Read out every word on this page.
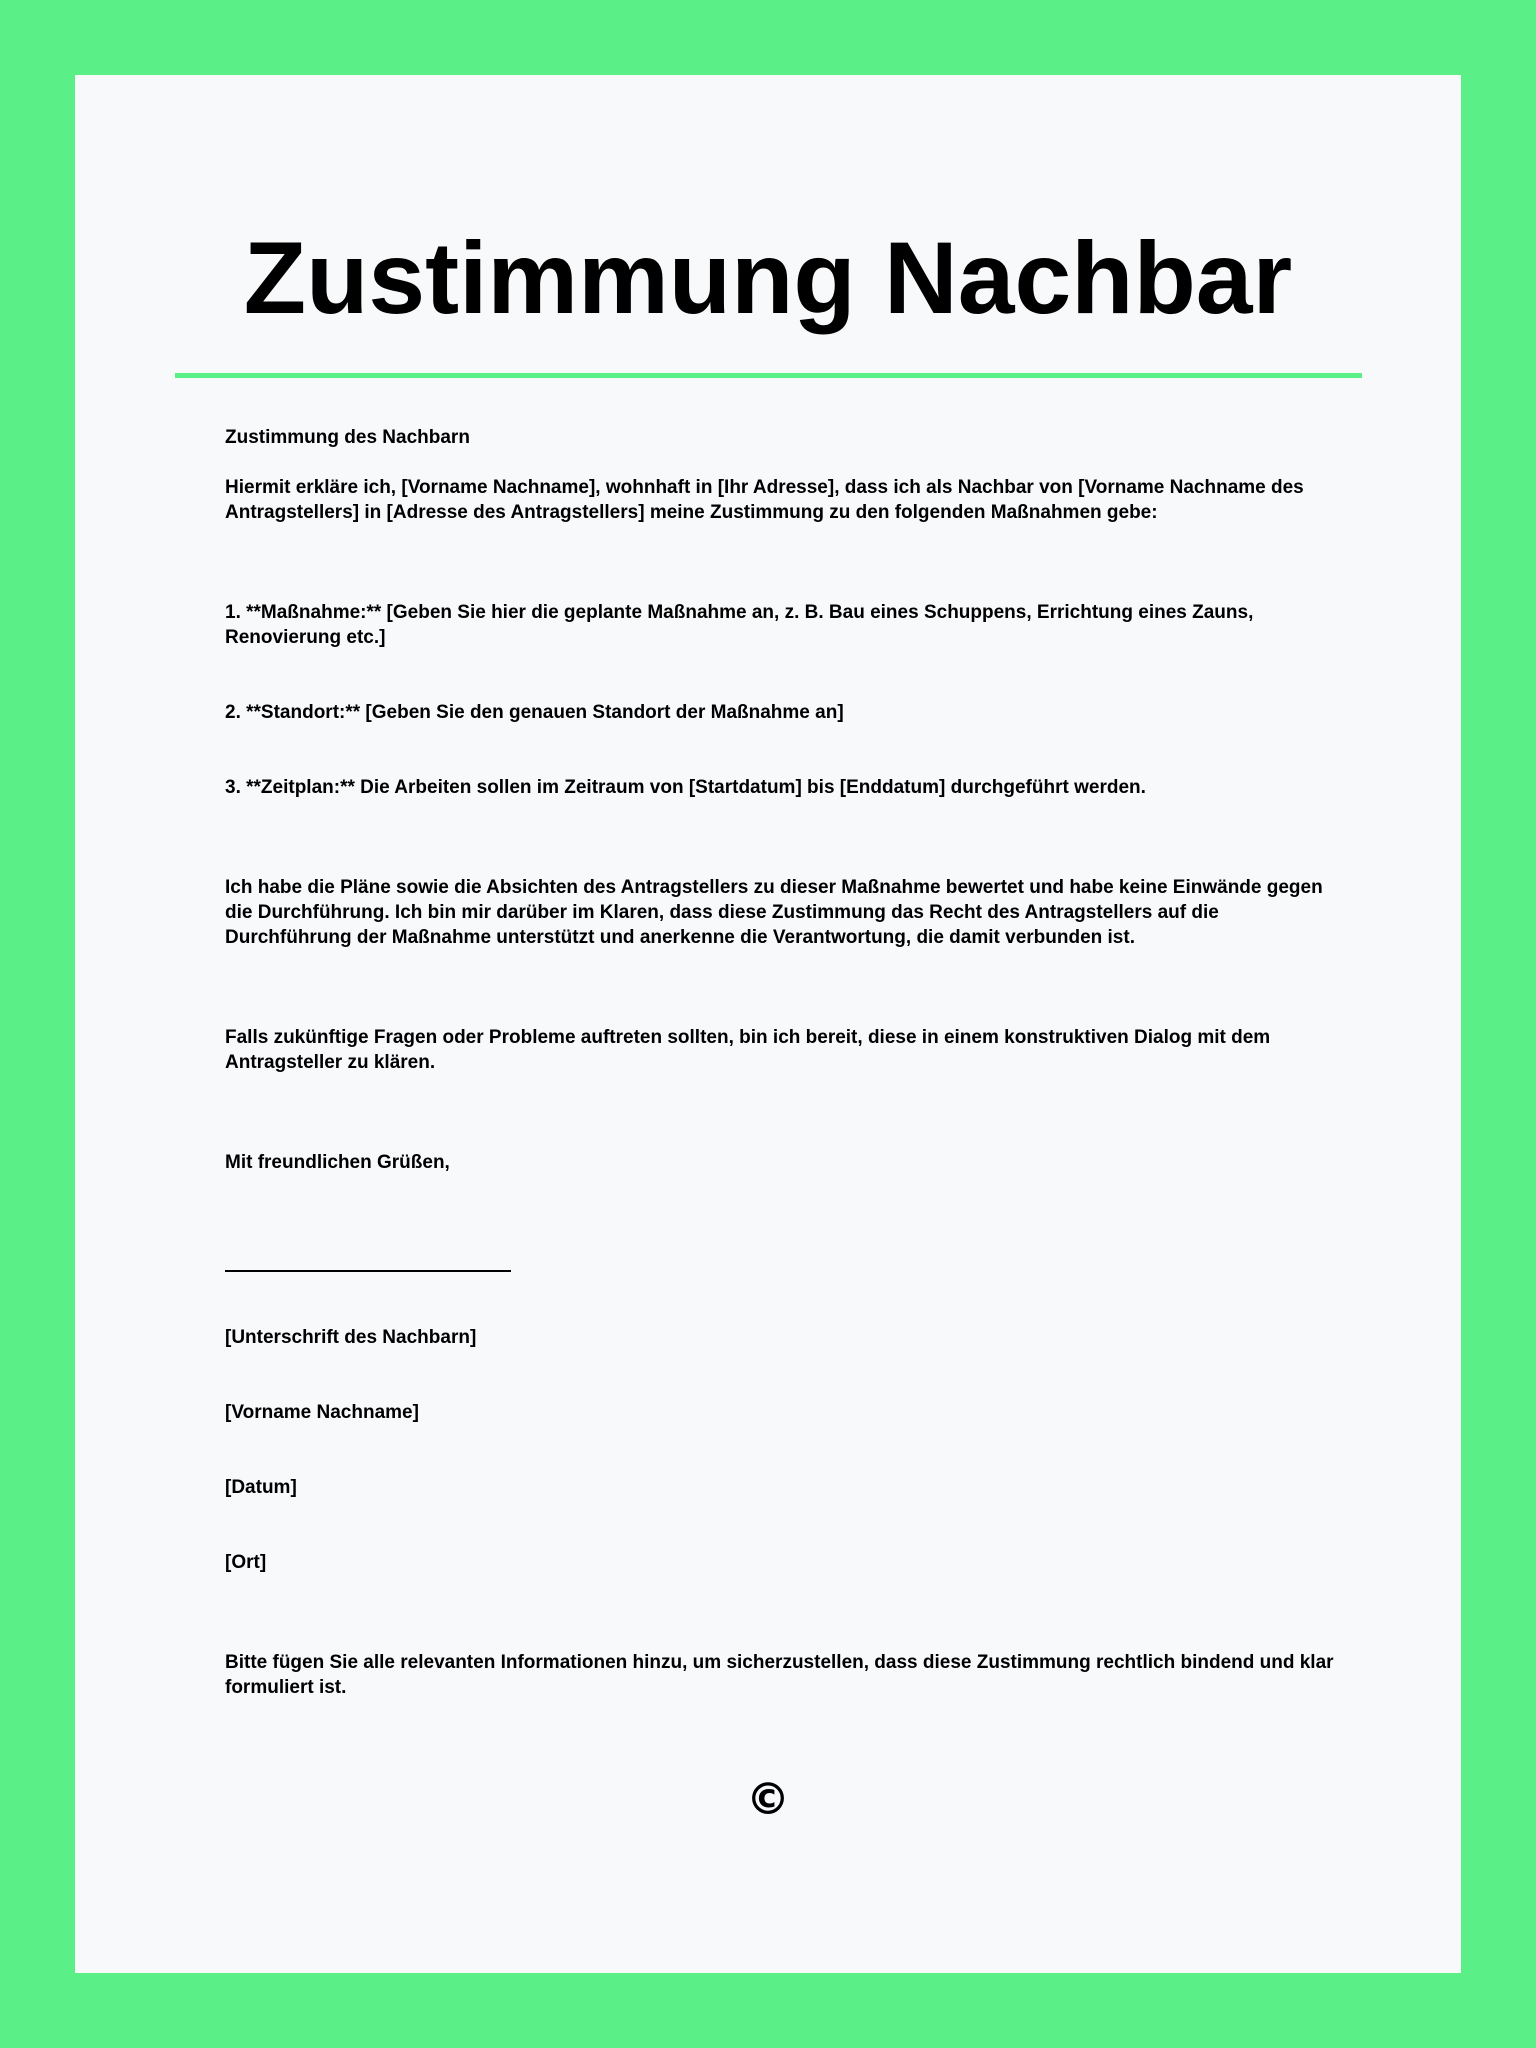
Zustimmung Nachbar

Zustimmung des Nachbarn

Hiermit erkläre ich, [Vorname Nachname], wohnhaft in [Ihr Adresse], dass ich als Nachbar von [Vorname Nachname des Antragstellers] in [Adresse des Antragstellers] meine Zustimmung zu den folgenden Maßnahmen gebe:

1. **Maßnahme:** [Geben Sie hier die geplante Maßnahme an, z. B. Bau eines Schuppens, Errichtung eines Zauns, Renovierung etc.]

2. **Standort:** [Geben Sie den genauen Standort der Maßnahme an]

3. **Zeitplan:** Die Arbeiten sollen im Zeitraum von [Startdatum] bis [Enddatum] durchgeführt werden.

Ich habe die Pläne sowie die Absichten des Antragstellers zu dieser Maßnahme bewertet und habe keine Einwände gegen die Durchführung. Ich bin mir darüber im Klaren, dass diese Zustimmung das Recht des Antragstellers auf die Durchführung der Maßnahme unterstützt und anerkenne die Verantwortung, die damit verbunden ist.

Falls zukünftige Fragen oder Probleme auftreten sollten, bin ich bereit, diese in einem konstruktiven Dialog mit dem Antragsteller zu klären.

Mit freundlichen Grüßen,

[Unterschrift des Nachbarn]

[Vorname Nachname]

[Datum]

[Ort]

Bitte fügen Sie alle relevanten Informationen hinzu, um sicherzustellen, dass diese Zustimmung rechtlich bindend und klar formuliert ist.

©
